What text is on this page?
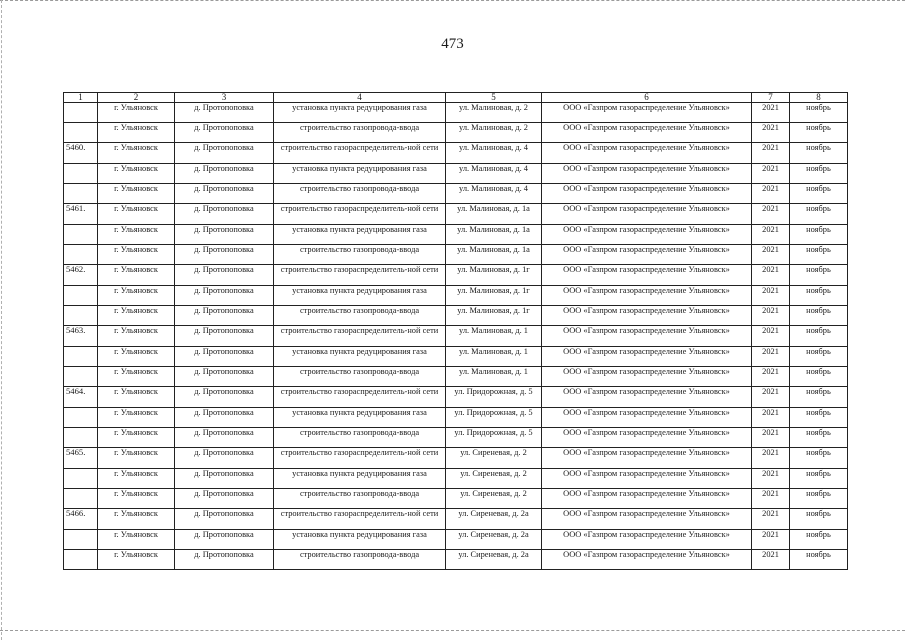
473
1	2	3	4	5	6	7	8
	г. Ульяновск	д. Протопоповка	установка пункта редуцирования газа	ул. Малиновая, д. 2	ООО «Газпром газораспределение Ульяновск»	2021	ноябрь
	г. Ульяновск	д. Протопоповка	строительство газопровода-ввода	ул. Малиновая, д. 2	ООО «Газпром газораспределение Ульяновск»	2021	ноябрь
5460.	г. Ульяновск	д. Протопоповка	строительство газораспределитель-ной сети	ул. Малиновая, д. 4	ООО «Газпром газораспределение Ульяновск»	2021	ноябрь
	г. Ульяновск	д. Протопоповка	установка пункта редуцирования газа	ул. Малиновая, д. 4	ООО «Газпром газораспределение Ульяновск»	2021	ноябрь
	г. Ульяновск	д. Протопоповка	строительство газопровода-ввода	ул. Малиновая, д. 4	ООО «Газпром газораспределение Ульяновск»	2021	ноябрь
5461.	г. Ульяновск	д. Протопоповка	строительство газораспределитель-ной сети	ул. Малиновая, д. 1а	ООО «Газпром газораспределение Ульяновск»	2021	ноябрь
	г. Ульяновск	д. Протопоповка	установка пункта редуцирования газа	ул. Малиновая, д. 1а	ООО «Газпром газораспределение Ульяновск»	2021	ноябрь
	г. Ульяновск	д. Протопоповка	строительство газопровода-ввода	ул. Малиновая, д. 1а	ООО «Газпром газораспределение Ульяновск»	2021	ноябрь
5462.	г. Ульяновск	д. Протопоповка	строительство газораспределитель-ной сети	ул. Малиновая, д. 1г	ООО «Газпром газораспределение Ульяновск»	2021	ноябрь
	г. Ульяновск	д. Протопоповка	установка пункта редуцирования газа	ул. Малиновая, д. 1г	ООО «Газпром газораспределение Ульяновск»	2021	ноябрь
	г. Ульяновск	д. Протопоповка	строительство газопровода-ввода	ул. Малиновая, д. 1г	ООО «Газпром газораспределение Ульяновск»	2021	ноябрь
5463.	г. Ульяновск	д. Протопоповка	строительство газораспределитель-ной сети	ул. Малиновая, д. 1	ООО «Газпром газораспределение Ульяновск»	2021	ноябрь
	г. Ульяновск	д. Протопоповка	установка пункта редуцирования газа	ул. Малиновая, д. 1	ООО «Газпром газораспределение Ульяновск»	2021	ноябрь
	г. Ульяновск	д. Протопоповка	строительство газопровода-ввода	ул. Малиновая, д. 1	ООО «Газпром газораспределение Ульяновск»	2021	ноябрь
5464.	г. Ульяновск	д. Протопоповка	строительство газораспределитель-ной сети	ул. Придорожная, д. 5	ООО «Газпром газораспределение Ульяновск»	2021	ноябрь
	г. Ульяновск	д. Протопоповка	установка пункта редуцирования газа	ул. Придорожная, д. 5	ООО «Газпром газораспределение Ульяновск»	2021	ноябрь
	г. Ульяновск	д. Протопоповка	строительство газопровода-ввода	ул. Придорожная, д. 5	ООО «Газпром газораспределение Ульяновск»	2021	ноябрь
5465.	г. Ульяновск	д. Протопоповка	строительство газораспределитель-ной сети	ул. Сиреневая, д. 2	ООО «Газпром газораспределение Ульяновск»	2021	ноябрь
	г. Ульяновск	д. Протопоповка	установка пункта редуцирования газа	ул. Сиреневая, д. 2	ООО «Газпром газораспределение Ульяновск»	2021	ноябрь
	г. Ульяновск	д. Протопоповка	строительство газопровода-ввода	ул. Сиреневая, д. 2	ООО «Газпром газораспределение Ульяновск»	2021	ноябрь
5466.	г. Ульяновск	д. Протопоповка	строительство газораспределитель-ной сети	ул. Сиреневая, д. 2а	ООО «Газпром газораспределение Ульяновск»	2021	ноябрь
	г. Ульяновск	д. Протопоповка	установка пункта редуцирования газа	ул. Сиреневая, д. 2а	ООО «Газпром газораспределение Ульяновск»	2021	ноябрь
	г. Ульяновск	д. Протопоповка	строительство газопровода-ввода	ул. Сиреневая, д. 2а	ООО «Газпром газораспределение Ульяновск»	2021	ноябрь
